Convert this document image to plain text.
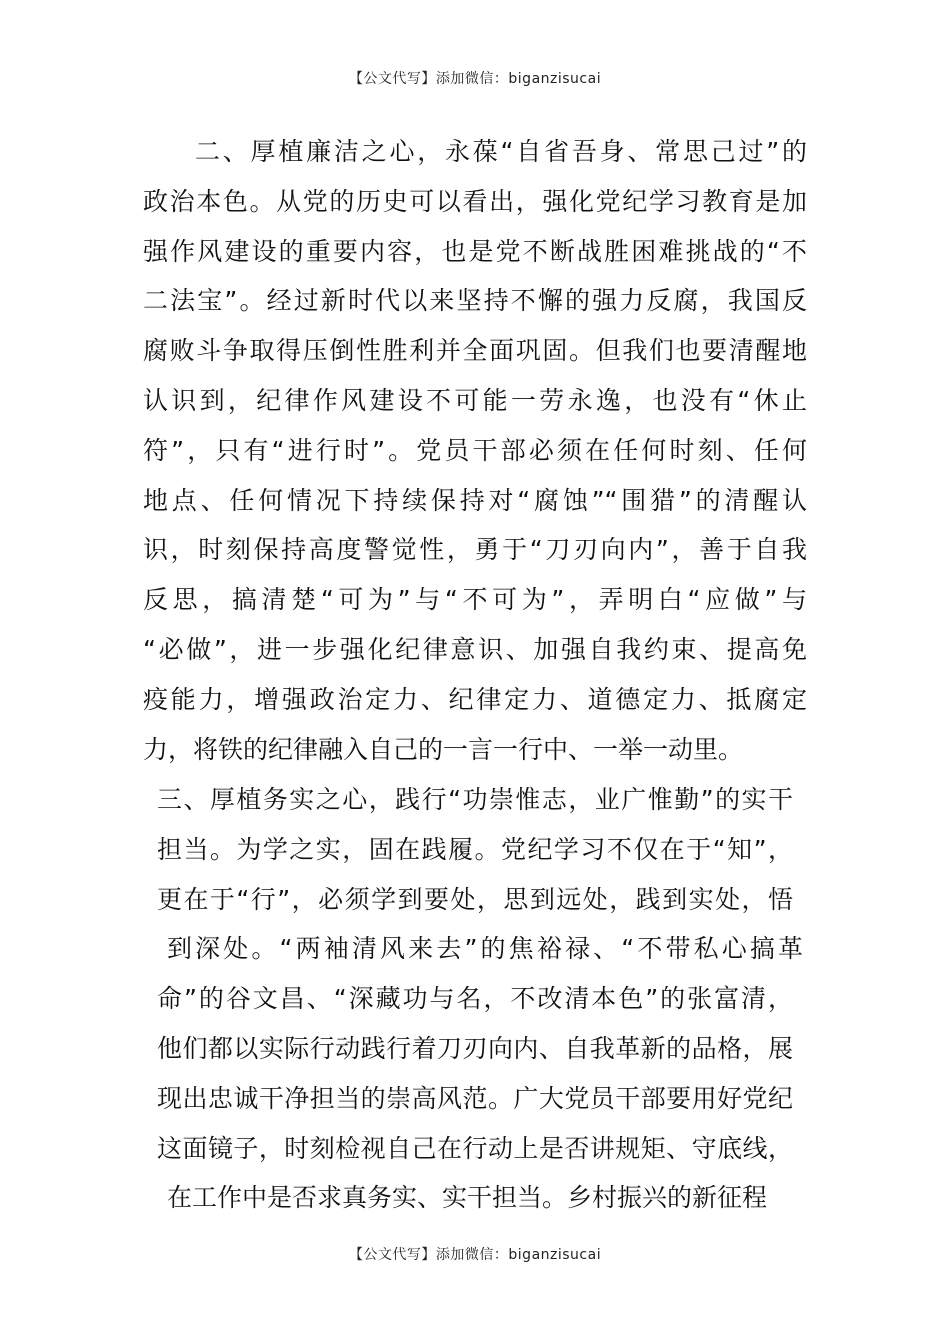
【公文代写】添加微信：biganzisucai
二、厚植廉洁之心，永葆“自省吾身、常思己过”的
政治本色。从党的历史可以看出，强化党纪学习教育是加
强作风建设的重要内容，也是党不断战胜困难挑战的“不
二法宝”。经过新时代以来坚持不懈的强力反腐，我国反
腐败斗争取得压倒性胜利并全面巩固。但我们也要清醒地
认识到，纪律作风建设不可能一劳永逸，也没有“休止
符”，只有“进行时”。党员干部必须在任何时刻、任何
地点、任何情况下持续保持对“腐蚀”“围猎”的清醒认
识，时刻保持高度警觉性，勇于“刀刃向内”，善于自我
反思，搞清楚“可为”与“不可为”，弄明白“应做”与
“必做”，进一步强化纪律意识、加强自我约束、提高免
疫能力，增强政治定力、纪律定力、道德定力、抵腐定
力，将铁的纪律融入自己的一言一行中、一举一动里。
三、厚植务实之心，践行“功崇惟志，业广惟勤”的实干
担当。为学之实，固在践履。党纪学习不仅在于“知”，
更在于“行”，必须学到要处，思到远处，践到实处，悟
到深处。“两袖清风来去”的焦裕禄、“不带私心搞革
命”的谷文昌、“深藏功与名，不改清本色”的张富清，
他们都以实际行动践行着刀刃向内、自我革新的品格，展
现出忠诚干净担当的崇高风范。广大党员干部要用好党纪
这面镜子，时刻检视自己在行动上是否讲规矩、守底线，
在工作中是否求真务实、实干担当。乡村振兴的新征程
【公文代写】添加微信：biganzisucai
